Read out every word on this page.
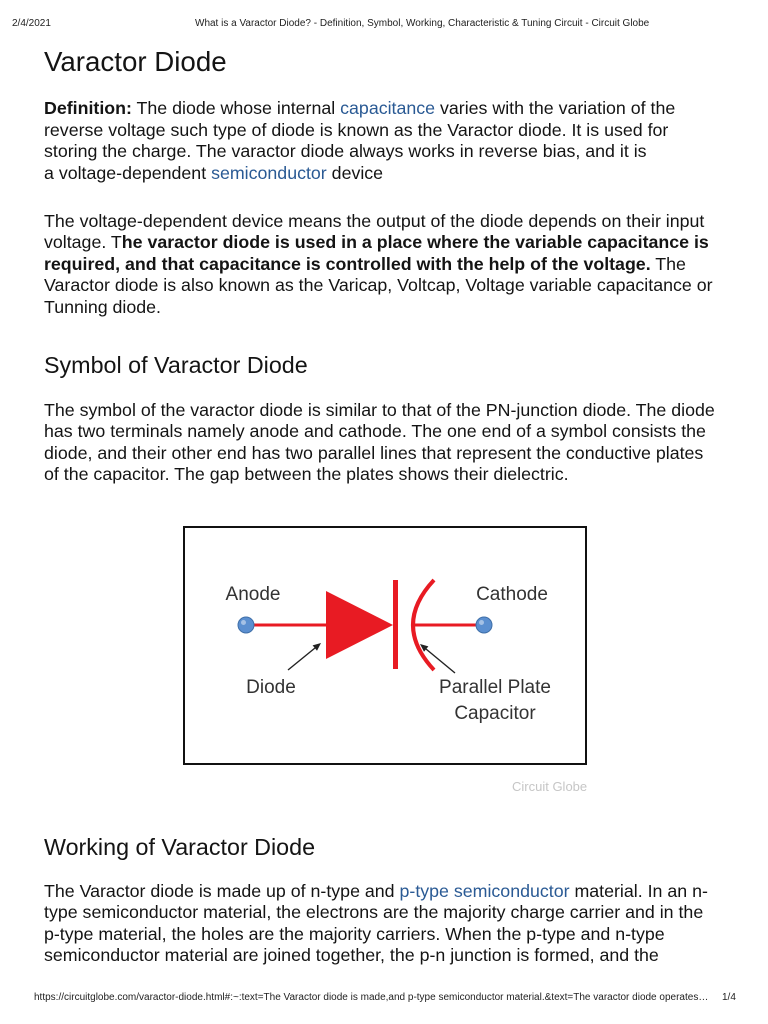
2/4/2021	What is a Varactor Diode? - Definition, Symbol, Working, Characteristic & Tuning Circuit - Circuit Globe
Varactor Diode

Definition: The diode whose internal capacitance varies with the variation of the reverse voltage such type of diode is known as the Varactor diode. It is used for storing the charge. The varactor diode always works in reverse bias, and it is a voltage-dependent semiconductor device

The voltage-dependent device means the output of the diode depends on their input voltage. The varactor diode is used in a place where the variable capacitance is required, and that capacitance is controlled with the help of the voltage. The Varactor diode is also known as the Varicap, Voltcap, Voltage variable capacitance or Tunning diode.

Symbol of Varactor Diode

The symbol of the varactor diode is similar to that of the PN-junction diode. The diode has two terminals namely anode and cathode. The one end of a symbol consists the diode, and their other end has two parallel lines that represent the conductive plates of the capacitor. The gap between the plates shows their dielectric.

Anode	Cathode
Diode	Parallel Plate
Capacitor
Circuit Globe
Working of Varactor Diode

The Varactor diode is made up of n-type and p-type semiconductor material. In an n-type semiconductor material, the electrons are the majority charge carrier and in the p-type material, the holes are the majority carriers. When the p-type and n-type semiconductor material are joined together, the p-n junction is formed, and the

https://circuitglobe.com/varactor-diode.html#:~:text=The Varactor diode is made,and p-type semiconductor material.&text=The varactor diode operates… 1/4
